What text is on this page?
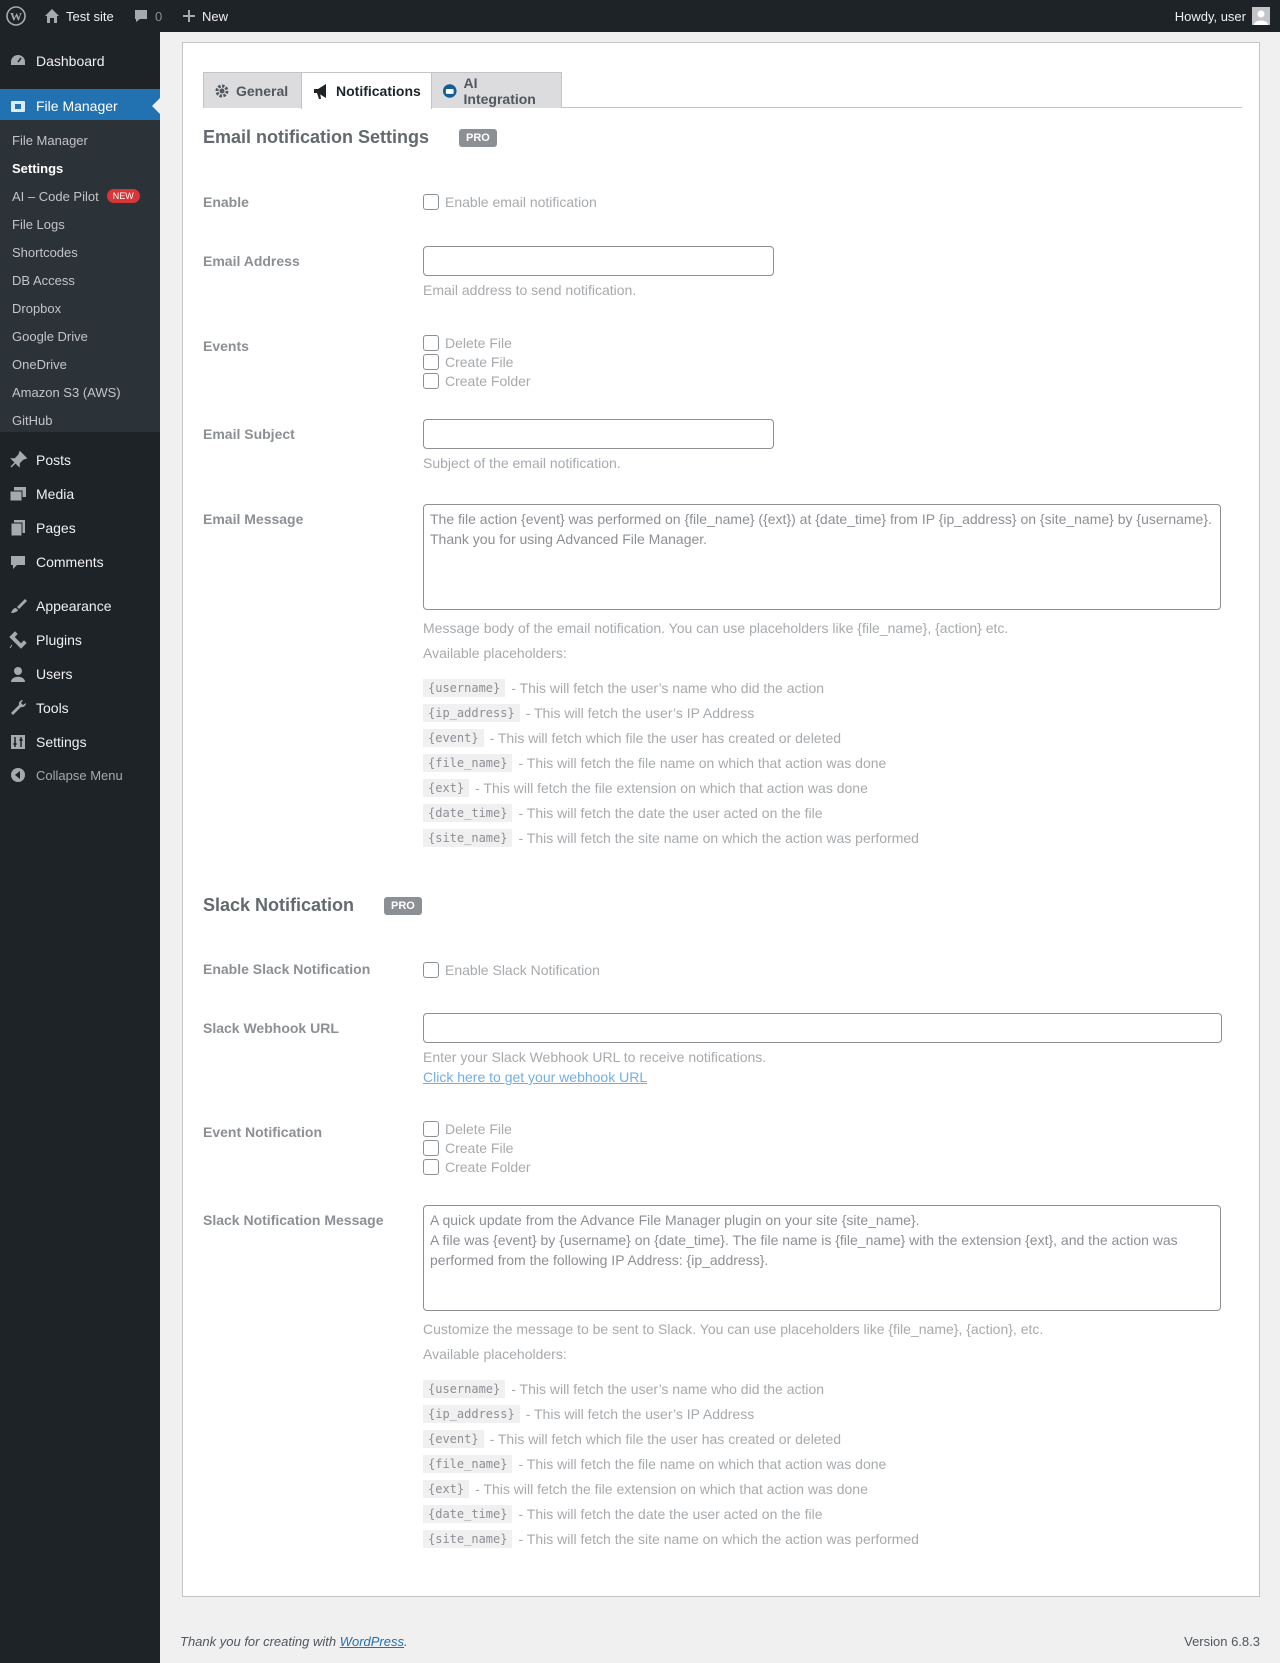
W	Test site	0	New	Howdy, user
Dashboard
File Manager
File Manager
Settings
AI – Code Pilot	NEW
File Logs
Shortcodes
DB Access
Dropbox
Google Drive
OneDrive
Amazon S3 (AWS)
GitHub
Posts
Media
Pages
Comments
Appearance
Plugins
Users
Tools
Settings
Collapse Menu
General	Notifications
AI Integration
Email notification Settings	PRO
Enable	Enable email notification
Email Address
Email address to send notification.
Events	Delete File
Create File
Create Folder
Email Subject
Subject of the email notification.
Email Message	The file action {event} was performed on {file_name} ({ext}) at {date_time} from IP {ip_address} on {site_name} by {username}.
Thank you for using Advanced File Manager.
Message body of the email notification. You can use placeholders like {file_name}, {action} etc.
Available placeholders:
{username} - This will fetch the user’s name who did the action
{ip_address} - This will fetch the user’s IP Address
{event} - This will fetch which file the user has created or deleted
{file_name} - This will fetch the file name on which that action was done
{ext} - This will fetch the file extension on which that action was done
{date_time} - This will fetch the date the user acted on the file
{site_name} - This will fetch the site name on which the action was performed
Slack Notification	PRO
Enable Slack Notification	Enable Slack Notification
Slack Webhook URL
Enter your Slack Webhook URL to receive notifications.
Click here to get your webhook URL
Event Notification	Delete File
Create File
Create Folder
Slack Notification Message	A quick update from the Advance File Manager plugin on your site {site_name}.
A file was {event} by {username} on {date_time}. The file name is {file_name} with the extension {ext}, and the action was performed from the following IP Address: {ip_address}.
Customize the message to be sent to Slack. You can use placeholders like {file_name}, {action}, etc.
Available placeholders:
{username} - This will fetch the user’s name who did the action
{ip_address} - This will fetch the user’s IP Address
{event} - This will fetch which file the user has created or deleted
{file_name} - This will fetch the file name on which that action was done
{ext} - This will fetch the file extension on which that action was done
{date_time} - This will fetch the date the user acted on the file
{site_name} - This will fetch the site name on which the action was performed
Thank you for creating with WordPress.	Version 6.8.3
